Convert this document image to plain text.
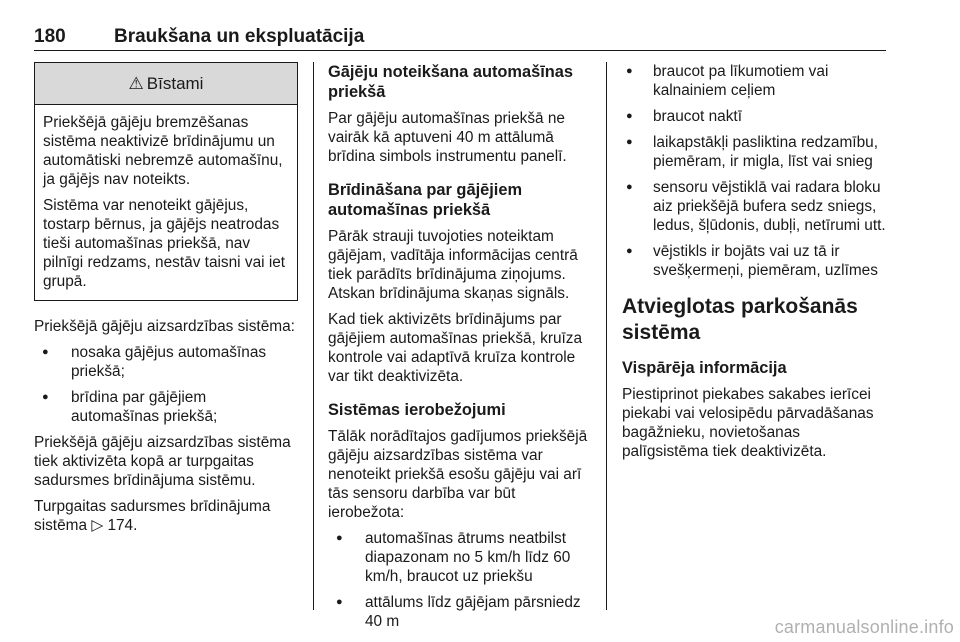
180	Braukšana un ekspluatācija
⚠ Bīstami

Priekšējā gājēju bremzēšanas sistēma neaktivizē brīdinājumu un automātiski nebremzē automašīnu, ja gājējs nav noteikts.

Sistēma var nenoteikt gājējus, tostarp bērnus, ja gājējs neatrodas tieši automašīnas priekšā, nav pilnīgi redzams, nestāv taisni vai iet grupā.

Priekšējā gājēju aizsardzības sistēma:

● nosaka gājējus automašīnas priekšā;
● brīdina par gājējiem automašīnas priekšā;

Priekšējā gājēju aizsardzības sistēma tiek aktivizēta kopā ar turpgaitas sadursmes brīdinājuma sistēmu.

Turpgaitas sadursmes brīdinājuma sistēma ▷ 174.

Gājēju noteikšana automašīnas priekšā

Par gājēju automašīnas priekšā ne vairāk kā aptuveni 40 m attālumā brīdina simbols instrumentu panelī.

Brīdināšana par gājējiem automašīnas priekšā

Pārāk strauji tuvojoties noteiktam gājējam, vadītāja informācijas centrā tiek parādīts brīdinājuma ziņojums. Atskan brīdinājuma skaņas signāls.

Kad tiek aktivizēts brīdinājums par gājējiem automašīnas priekšā, kruīza kontrole vai adaptīvā kruīza kontrole var tikt deaktivizēta.

Sistēmas ierobežojumi

Tālāk norādītajos gadījumos priekšējā gājēju aizsardzības sistēma var nenoteikt priekšā esošu gājēju vai arī tās sensoru darbība var būt ierobežota:

● automašīnas ātrums neatbilst diapazonam no 5 km/h līdz 60 km/h, braucot uz priekšu
● attālums līdz gājējam pārsniedz 40 m
● braucot pa līkumotiem vai kalnainiem ceļiem
● braucot naktī
● laikapstākļi pasliktina redzamību, piemēram, ir migla, līst vai snieg
● sensoru vējstiklā vai radara bloku aiz priekšējā bufera sedz sniegs, ledus, šļūdonis, dubļi, netīrumi utt.
● vējstikls ir bojāts vai uz tā ir svešķermeņi, piemēram, uzlīmes
Atvieglotas parkošanās sistēma
Vispārēja informācija

Piestiprinot piekabes sakabes ierīcei piekabi vai velosipēdu pārvadāšanas bagāžnieku, novietošanas palīgsistēma tiek deaktivizēta.

carmanualsonline.info
